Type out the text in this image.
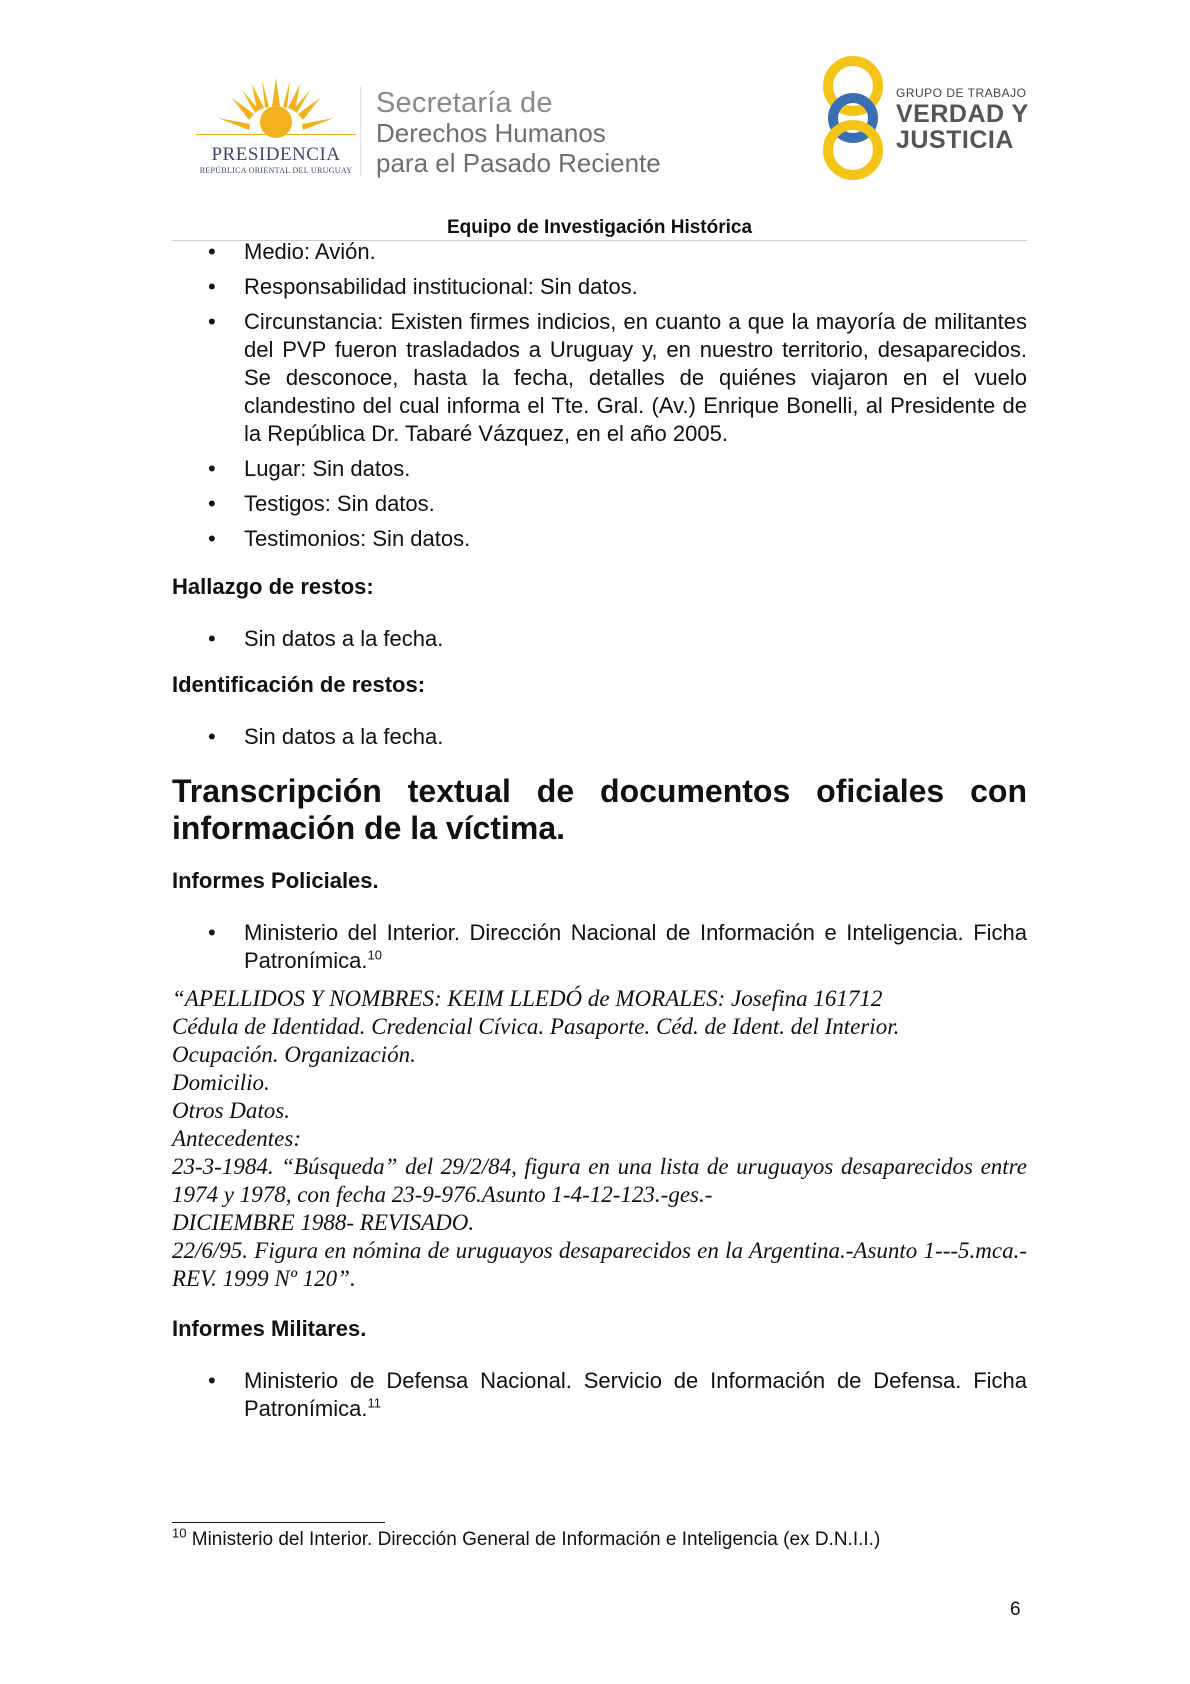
PRESIDENCIA
REPÚBLICA ORIENTAL DEL URUGUAY
Secretaría de
Derechos Humanos
para el Pasado Reciente
GRUPO DE TRABAJO
VERDAD Y
JUSTICIA
Equipo de Investigación Histórica
• Medio: Avión.
• Responsabilidad institucional: Sin datos.
• Circunstancia: Existen firmes indicios, en cuanto a que la mayoría de militantes del PVP fueron trasladados a Uruguay y, en nuestro territorio, desaparecidos. Se desconoce, hasta la fecha, detalles de quiénes viajaron en el vuelo clandestino del cual informa el Tte. Gral. (Av.) Enrique Bonelli, al Presidente de la República Dr. Tabaré Vázquez, en el año 2005.
• Lugar: Sin datos.
• Testigos: Sin datos.
• Testimonios: Sin datos.
Hallazgo de restos:
• Sin datos a la fecha.
Identificación de restos:
• Sin datos a la fecha.
Transcripción textual de documentos oficiales con información de la víctima.
Informes Policiales.
• Ministerio del Interior. Dirección Nacional de Información e Inteligencia. Ficha Patronímica.$^{10}$

“APELLIDOS Y NOMBRES: KEIM LLEDÓ de MORALES: Josefina 161712

Cédula de Identidad. Credencial Cívica. Pasaporte. Céd. de Ident. del Interior.

Ocupación. Organización.

Domicilio.

Otros Datos.

Antecedentes:

23-3-1984. “Búsqueda” del 29/2/84, figura en una lista de uruguayos desaparecidos entre 1974 y 1978, con fecha 23-9-976.Asunto 1-4-12-123.-ges.-

DICIEMBRE 1988- REVISADO.

22/6/95. Figura en nómina de uruguayos desaparecidos en la Argentina.-Asunto 1---5.mca.- REV. 1999 Nº 120”.

Informes Militares.
• Ministerio de Defensa Nacional. Servicio de Información de Defensa. Ficha Patronímica.$^{11}$
$^{10}$ Ministerio del Interior. Dirección General de Información e Inteligencia (ex D.N.I.I.)
6
